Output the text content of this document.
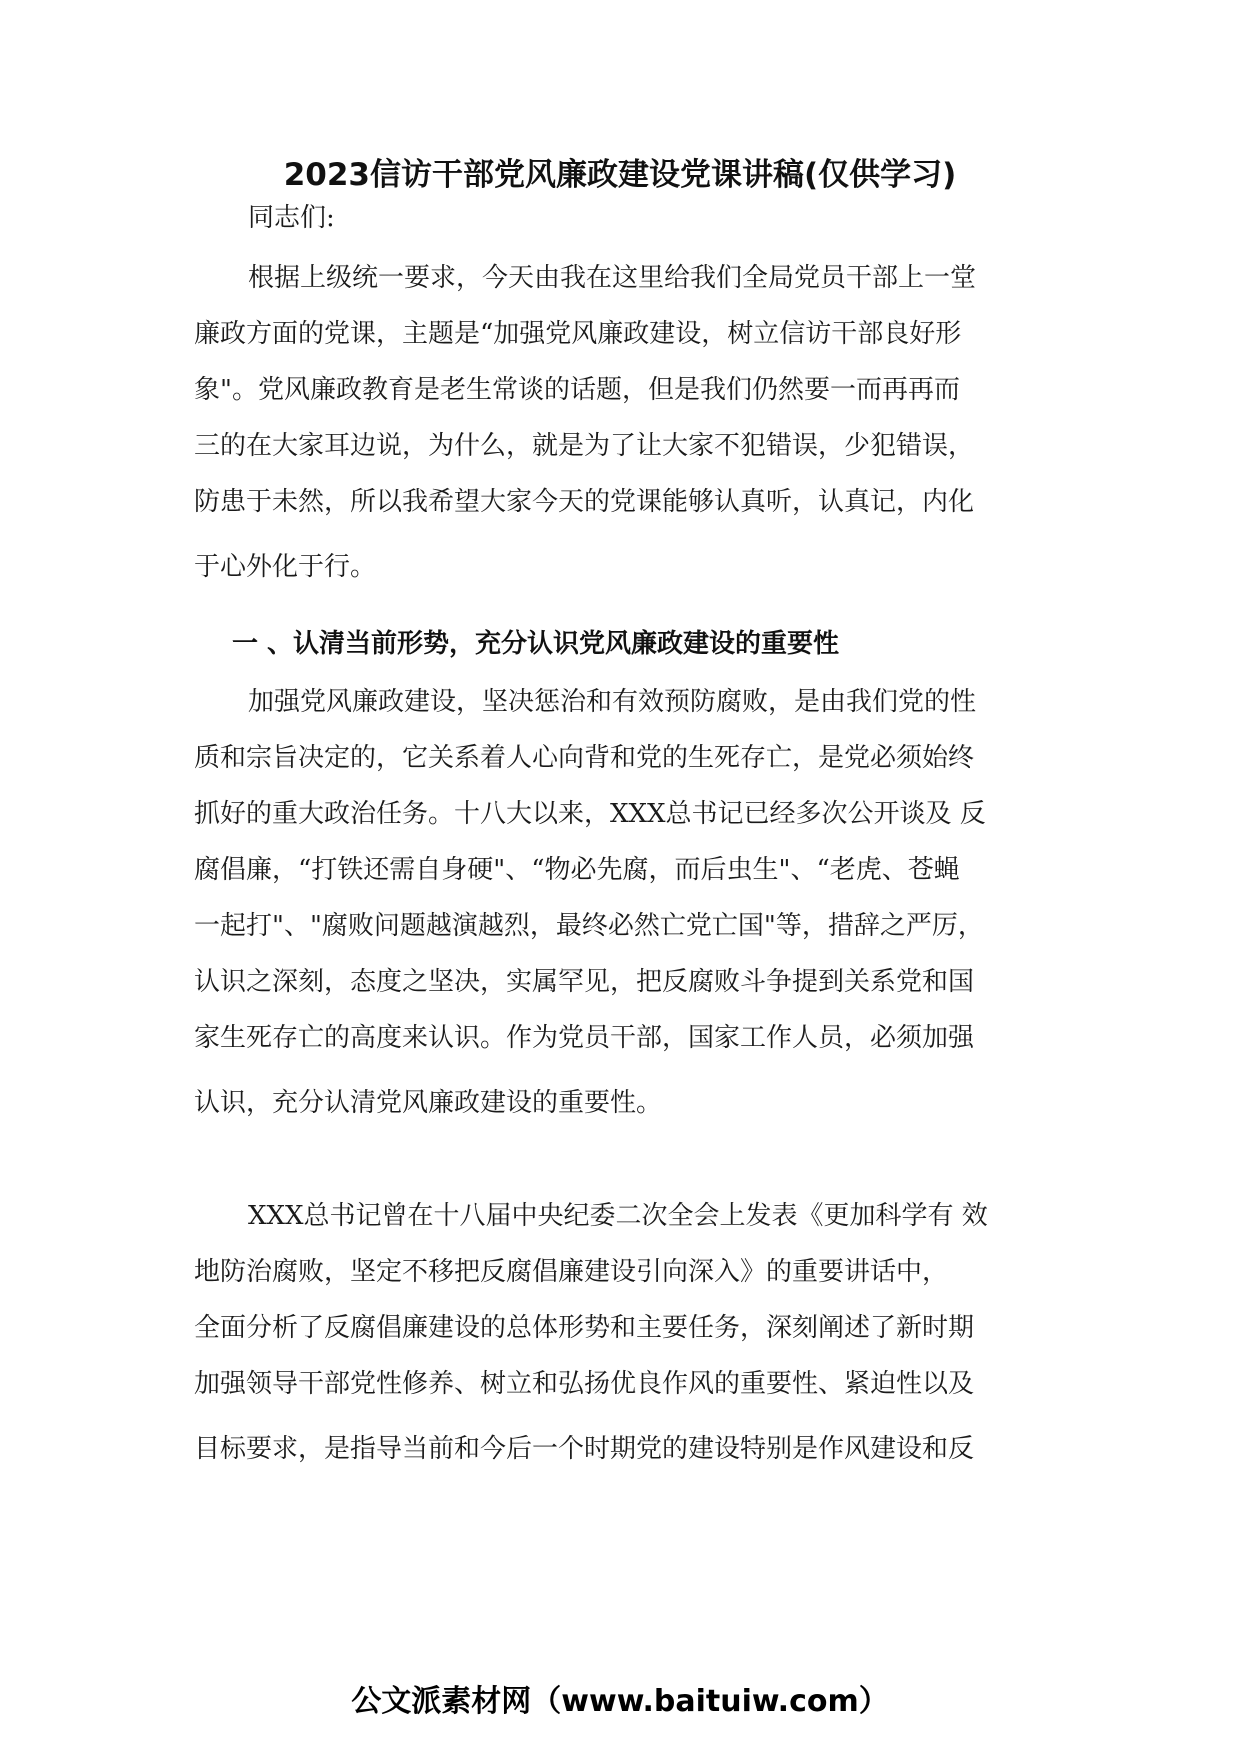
2023信访干部党风廉政建设党课讲稿(仅供学习)
同志们:
根据上级统一要求，今天由我在这里给我们全局党员干部上一堂
廉政方面的党课，主题是“加强党风廉政建设，树立信访干部良好形
象"。党风廉政教育是老生常谈的话题，但是我们仍然要一而再再而
三的在大家耳边说，为什么，就是为了让大家不犯错误，少犯错误，
防患于未然，所以我希望大家今天的党课能够认真听，认真记，内化
于心外化于行。
一 、认清当前形势，充分认识党风廉政建设的重要性
加强党风廉政建设，坚决惩治和有效预防腐败，是由我们党的性
质和宗旨决定的，它关系着人心向背和党的生死存亡，是党必须始终
抓好的重大政治任务。十八大以来，XXX总书记已经多次公开谈及 反
腐倡廉，“打铁还需自身硬"、“物必先腐，而后虫生"、“老虎、苍蝇
一起打"、"腐败问题越演越烈，最终必然亡党亡国"等，措辞之严厉，
认识之深刻，态度之坚决，实属罕见，把反腐败斗争提到关系党和国
家生死存亡的高度来认识。作为党员干部，国家工作人员，必须加强
认识，充分认清党风廉政建设的重要性。
XXX总书记曾在十八届中央纪委二次全会上发表《更加科学有 效
地防治腐败，坚定不移把反腐倡廉建设引向深入》的重要讲话中，
全面分析了反腐倡廉建设的总体形势和主要任务，深刻阐述了新时期
加强领导干部党性修养、树立和弘扬优良作风的重要性、紧迫性以及
目标要求，是指导当前和今后一个时期党的建设特别是作风建设和反
公文派素材网（www.baituiw.com）
